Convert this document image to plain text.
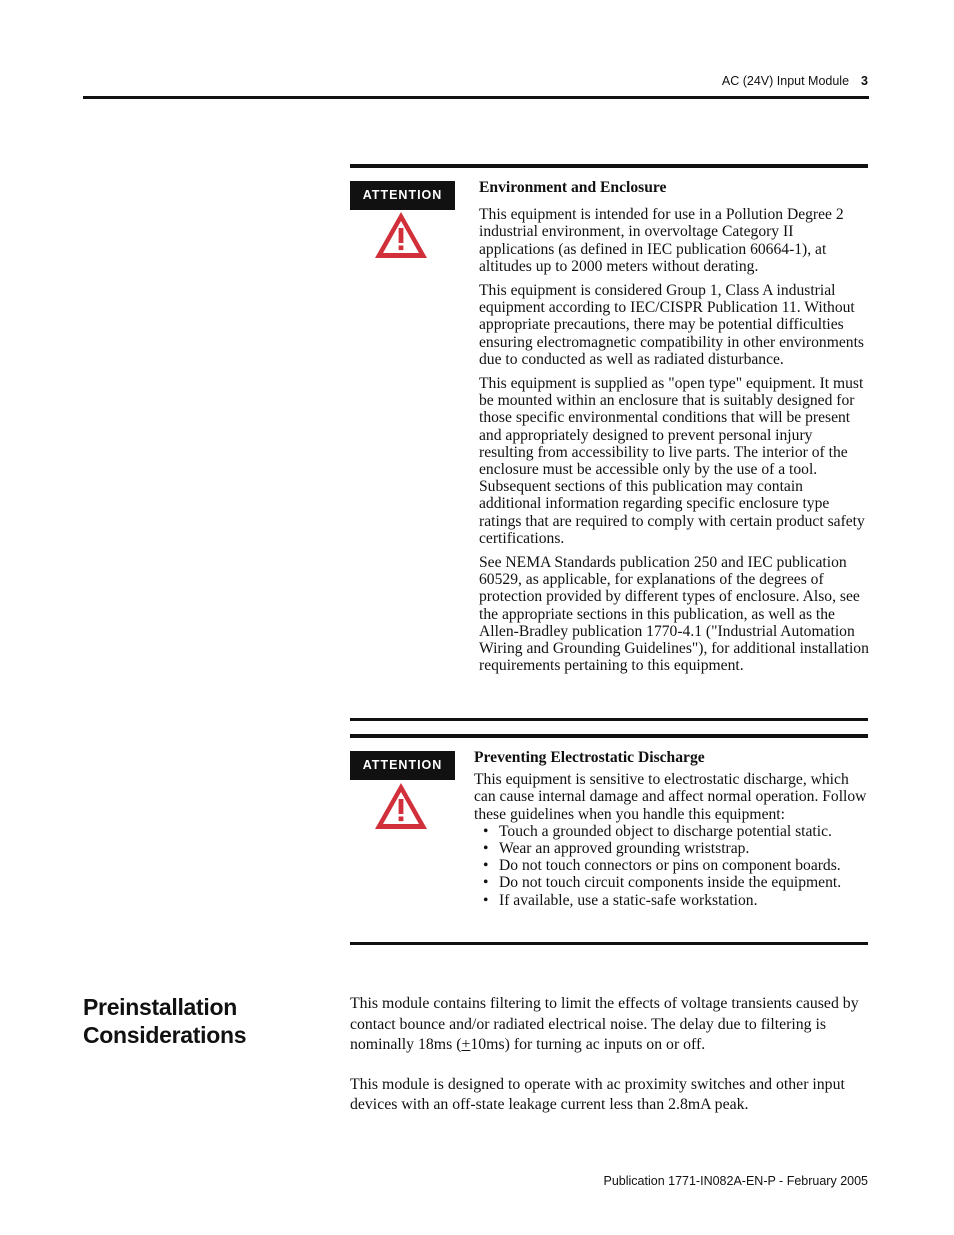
AC (24V) Input Module 3
ATTENTION	Environment and Enclosure

This equipment is intended for use in a Pollution Degree 2 industrial environment, in overvoltage Category II applications (as defined in IEC publication 60664-1), at altitudes up to 2000 meters without derating.

This equipment is considered Group 1, Class A industrial equipment according to IEC/CISPR Publication 11. Without appropriate precautions, there may be potential difficulties ensuring electromagnetic compatibility in other environments due to conducted as well as radiated disturbance.

This equipment is supplied as "open type" equipment. It must be mounted within an enclosure that is suitably designed for those specific environmental conditions that will be present and appropriately designed to prevent personal injury resulting from accessibility to live parts. The interior of the enclosure must be accessible only by the use of a tool. Subsequent sections of this publication may contain additional information regarding specific enclosure type ratings that are required to comply with certain product safety certifications.

See NEMA Standards publication 250 and IEC publication 60529, as applicable, for explanations of the degrees of protection provided by different types of enclosure. Also, see the appropriate sections in this publication, as well as the Allen-Bradley publication 1770-4.1 ("Industrial Automation Wiring and Grounding Guidelines"), for additional installation requirements pertaining to this equipment.

ATTENTION	Preventing Electrostatic Discharge

This equipment is sensitive to electrostatic discharge, which can cause internal damage and affect normal operation. Follow these guidelines when you handle this equipment:

• Touch a grounded object to discharge potential static.
• Wear an approved grounding wriststrap.
• Do not touch connectors or pins on component boards.
• Do not touch circuit components inside the equipment.
• If available, use a static-safe workstation.
Preinstallation
Considerations

This module contains filtering to limit the effects of voltage transients caused by contact bounce and/or radiated electrical noise. The delay due to filtering is nominally 18ms (+10ms) for turning ac inputs on or off.

This module is designed to operate with ac proximity switches and other input devices with an off-state leakage current less than 2.8mA peak.

Publication 1771-IN082A-EN-P - February 2005
